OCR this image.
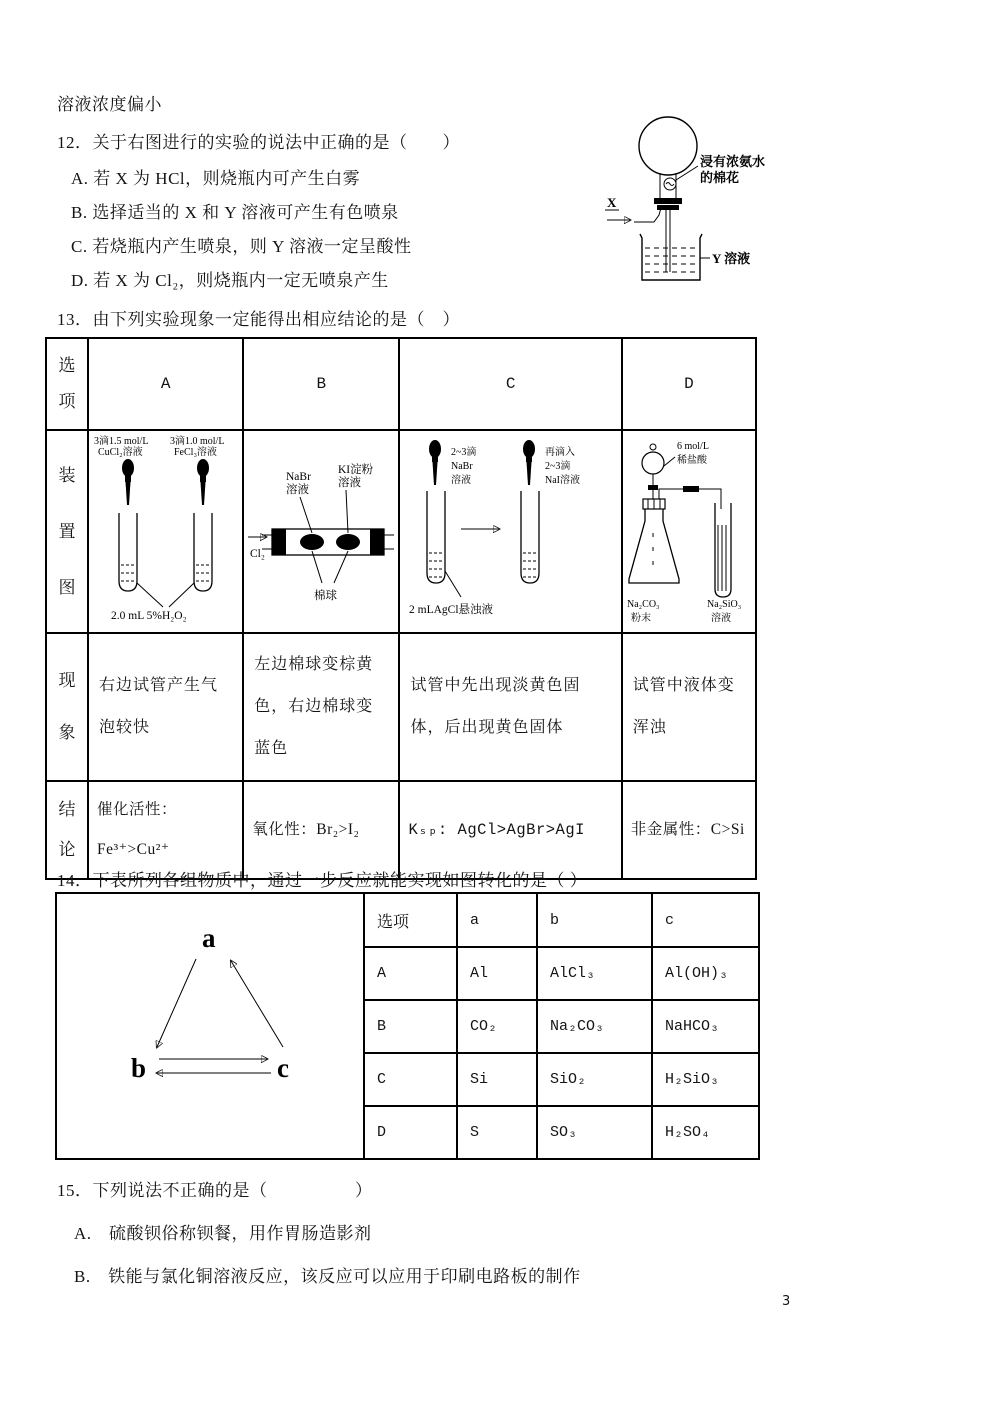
溶液浓度偏小
12．关于右图进行的实验的说法中正确的是（　　）
A. 若 X 为 HCl，则烧瓶内可产生白雾
B. 选择适当的 X 和 Y 溶液可产生有色喷泉
C. 若烧瓶内产生喷泉，则 Y 溶液一定呈酸性
D. 若 X 为 Cl₂，则烧瓶内一定无喷泉产生
浸有浓氨水
的棉花
X
Y 溶液
13．由下列实验现象一定能得出相应结论的是（　）
选项	A	B	C	D

装置图

3滴1.5 mol/L
CuCl₂溶液
3滴1.0 mol/L
FeCl₃溶液
2.0 mL 5%H₂O₂

NaBr
溶液
KI淀粉
溶液
Cl₂
棉球

2~3滴
NaBr
溶液
再滴入
2~3滴
NaI溶液
2 mLAgCl悬浊液

6 mol/L
稀盐酸
Na₂CO₃
粉末
Na₂SiO₃
溶液

现象	右边试管产生气泡较快	左边棉球变棕黄色，右边棉球变蓝色	试管中先出现淡黄色固体，后出现黄色固体	试管中液体变浑浊

结论	催化活性：Fe³⁺>Cu²⁺	氧化性：Br₂>I₂	Kₛₚ: AgCl>AgBr>AgI	非金属性：C>Si
14．下表所列各组物质中，通过一步反应就能实现如图转化的是（ ）
a
b c	选项	a	b	c
	A	Al	AlCl₃	Al(OH)₃
	B	CO₂	Na₂CO₃	NaHCO₃
	C	Si	SiO₂	H₂SiO₃
	D	S	SO₃	H₂SO₄
15．下列说法不正确的是（　　　　　）
A.　硫酸钡俗称钡餐，用作胃肠造影剂
B.　铁能与氯化铜溶液反应，该反应可以应用于印刷电路板的制作
3
